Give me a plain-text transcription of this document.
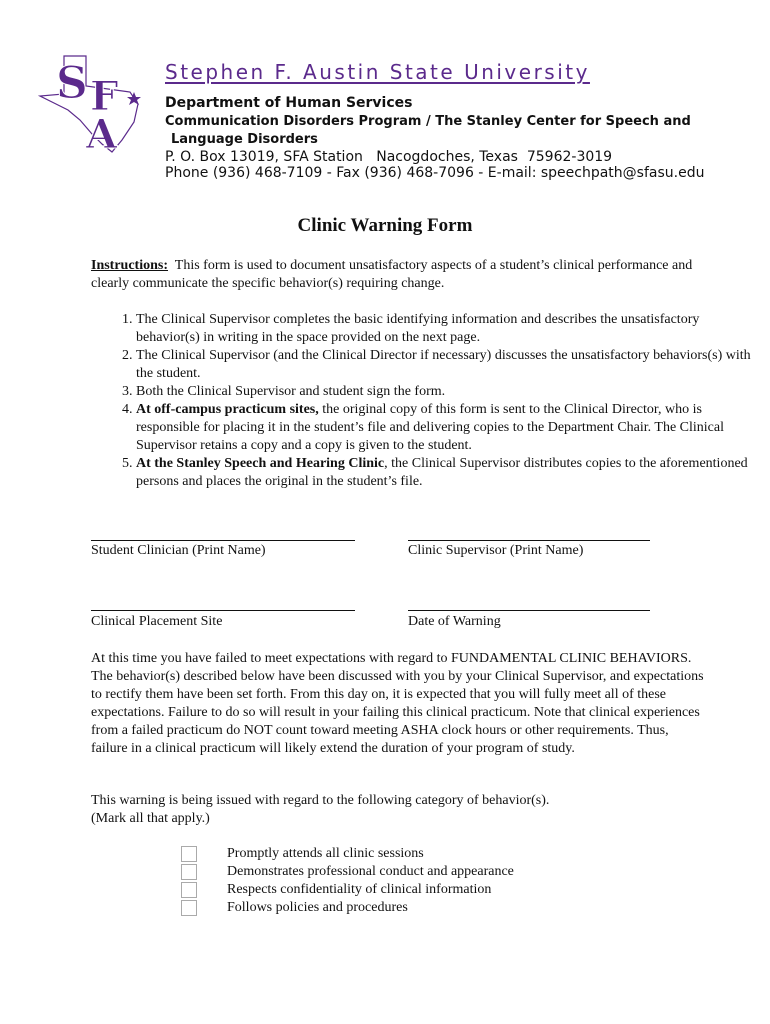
S F
A
Stephen F. Austin State University
Department of Human Services
Communication Disorders Program / The Stanley Center for Speech and
Language Disorders
P. O. Box 13019, SFA Station   Nacogdoches, Texas  75962-3019
Phone (936) 468-7109 - Fax (936) 468-7096 - E-mail: speechpath@sfasu.edu
Clinic Warning Form
Instructions:  This form is used to document unsatisfactory aspects of a student’s clinical performance and clearly communicate the specific behavior(s) requiring change.
1. The Clinical Supervisor completes the basic identifying information and describes the unsatisfactory behavior(s) in writing in the space provided on the next page.
2. The Clinical Supervisor (and the Clinical Director if necessary) discusses the unsatisfactory behaviors(s) with the student.
3. Both the Clinical Supervisor and student sign the form.
4. At off-campus practicum sites, the original copy of this form is sent to the Clinical Director, who is responsible for placing it in the student’s file and delivering copies to the Department Chair. The Clinical Supervisor retains a copy and a copy is given to the student.
5. At the Stanley Speech and Hearing Clinic, the Clinical Supervisor distributes copies to the aforementioned persons and places the original in the student’s file.
Student Clinician (Print Name)	Clinic Supervisor (Print Name)
Clinical Placement Site	Date of Warning
At this time you have failed to meet expectations with regard to FUNDAMENTAL CLINIC BEHAVIORS. The behavior(s) described below have been discussed with you by your Clinical Supervisor, and expectations to rectify them have been set forth. From this day on, it is expected that you will fully meet all of these expectations. Failure to do so will result in your failing this clinical practicum. Note that clinical experiences from a failed practicum do NOT count toward meeting ASHA clock hours or other requirements. Thus, failure in a clinical practicum will likely extend the duration of your program of study.
This warning is being issued with regard to the following category of behavior(s).
(Mark all that apply.)
Promptly attends all clinic sessions
Demonstrates professional conduct and appearance
Respects confidentiality of clinical information
Follows policies and procedures
